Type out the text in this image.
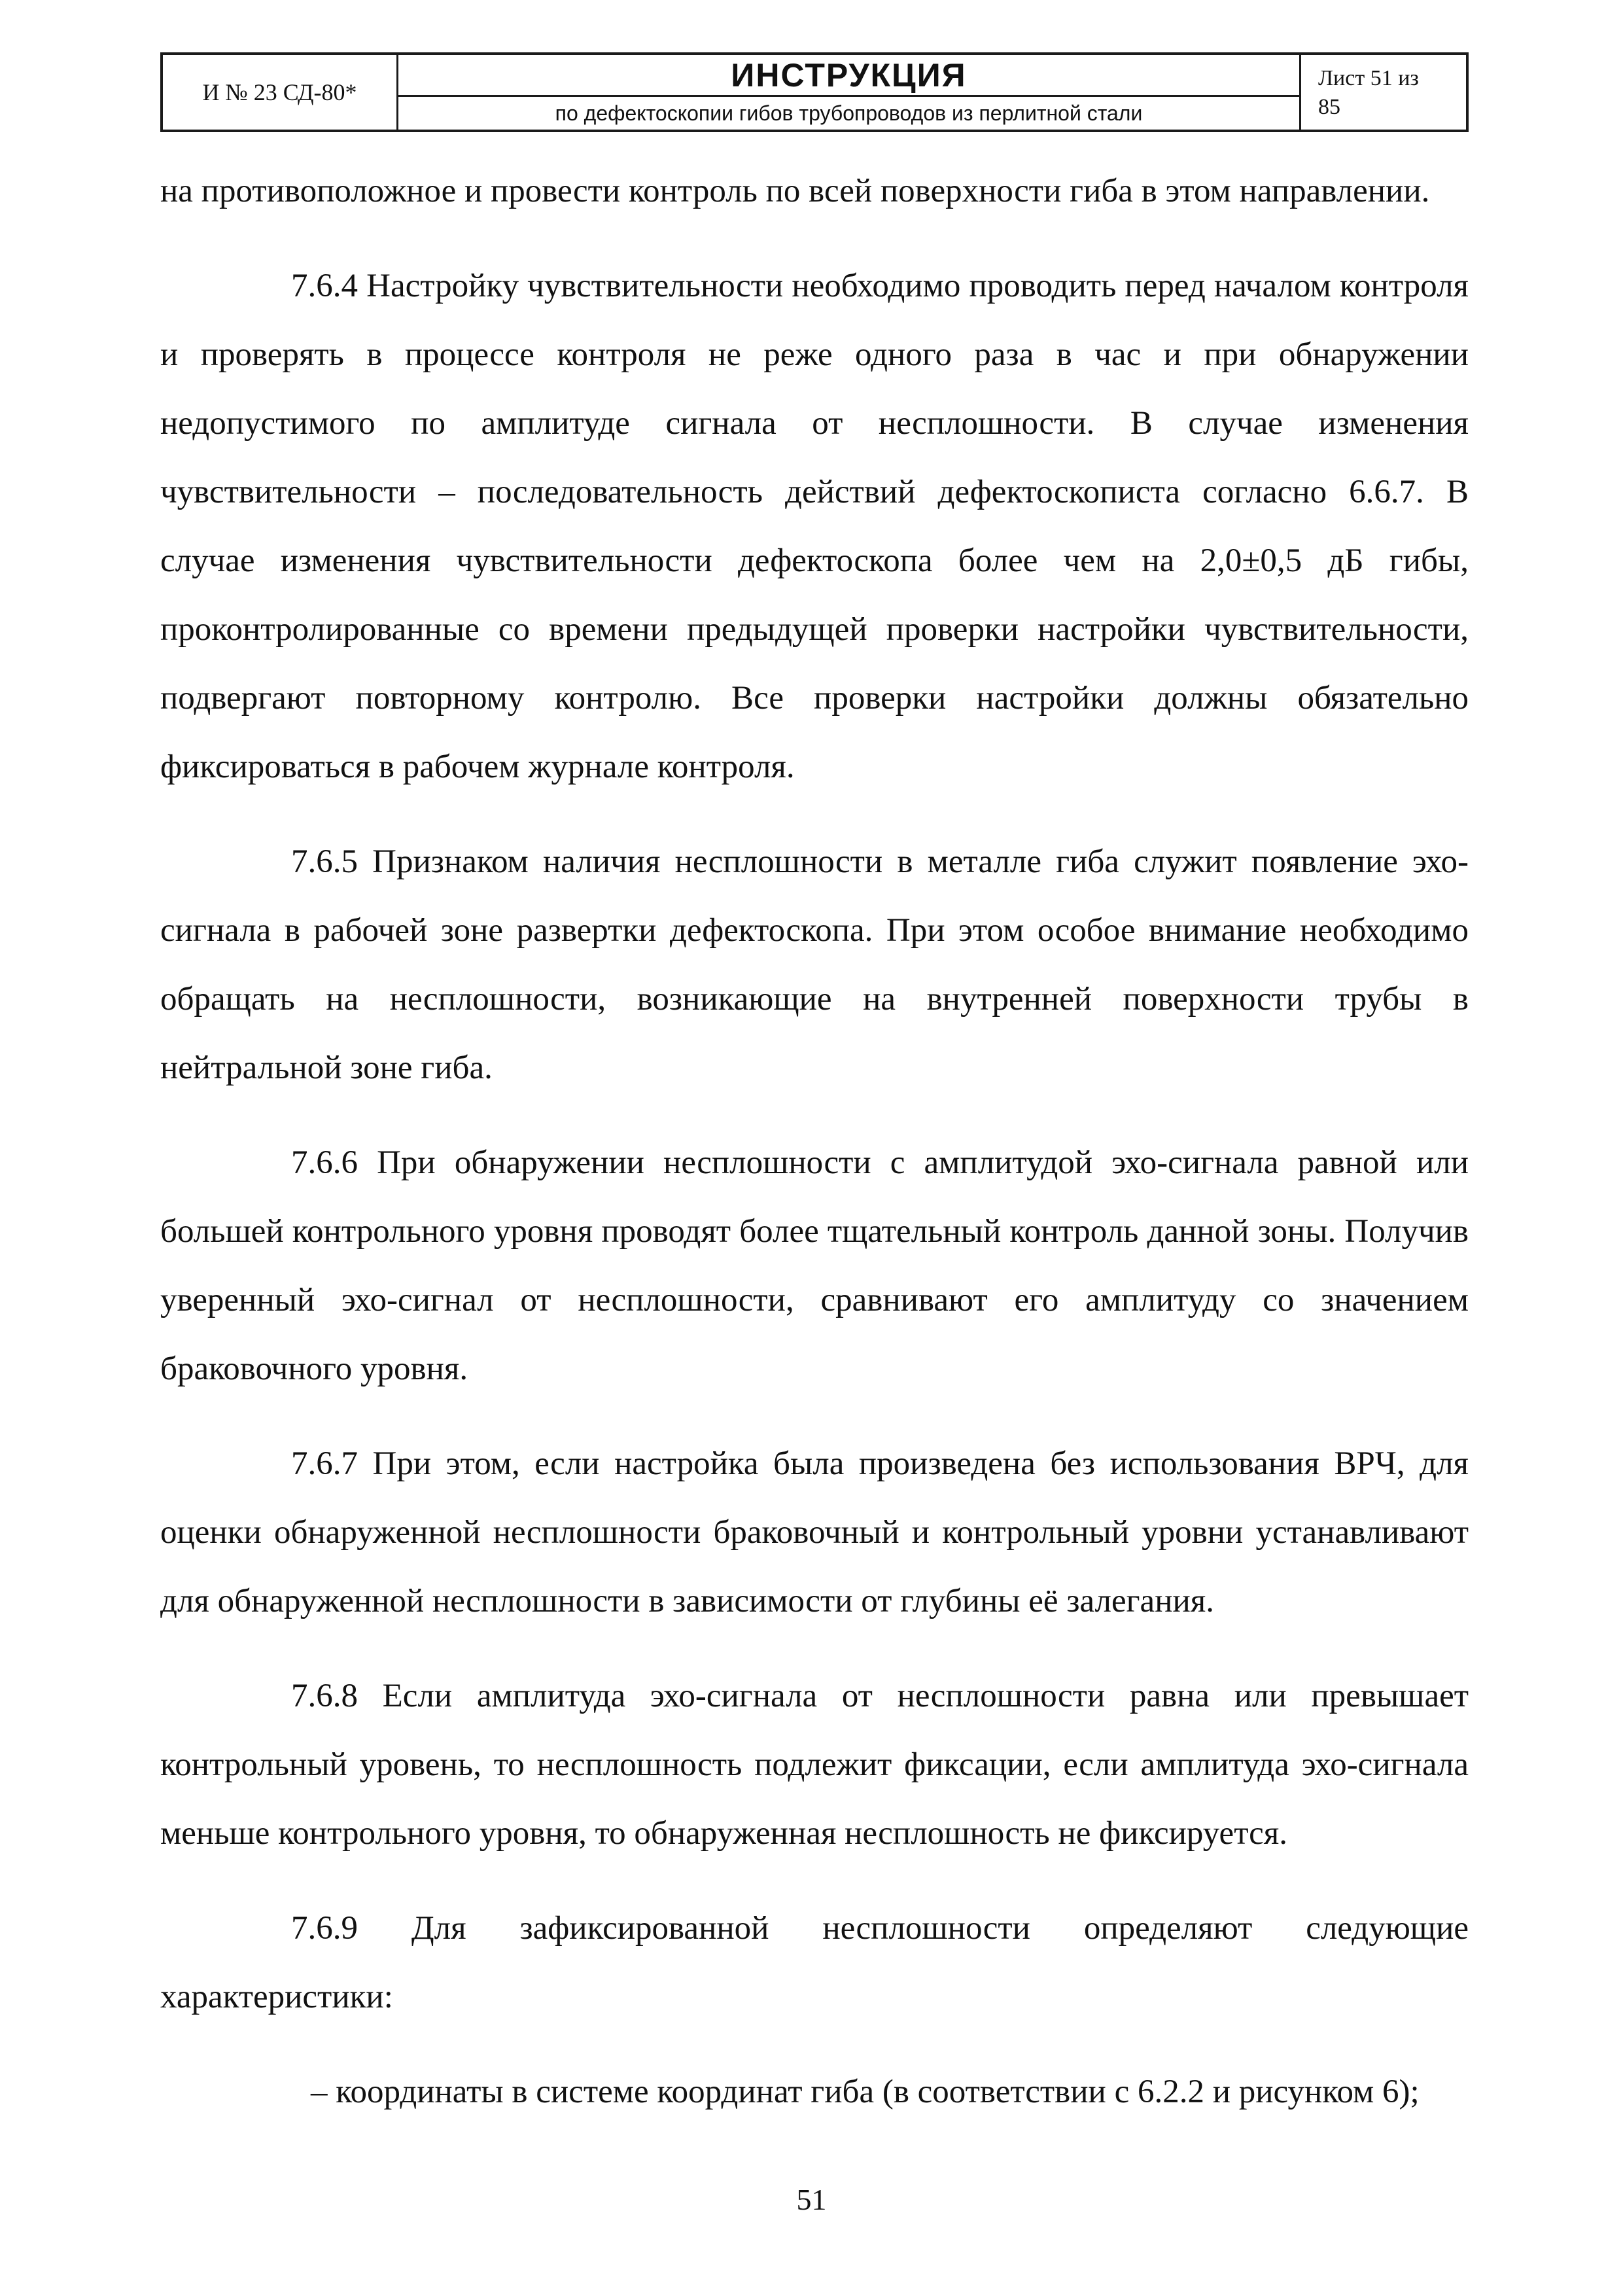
И № 23 СД-80*	ИНСТРУКЦИЯ
по дефектоскопии гибов трубопроводов из перлитной стали
Лист 51 из
85

на противоположное и провести контроль по всей поверхности гиба в этом направлении.

7.6.4 Настройку чувствительности необходимо проводить перед началом контроля и проверять в процессе контроля не реже одного раза в час и при обнаружении недопустимого по амплитуде сигнала от несплошности. В случае изменения чувствительности – последовательность действий дефектоскописта согласно 6.6.7. В случае изменения чувствительности дефектоскопа более чем на 2,0±0,5 дБ гибы, проконтролированные со времени предыдущей проверки настройки чувствительности, подвергают повторному контролю. Все проверки настройки должны обязательно фиксироваться в рабочем журнале контроля.

7.6.5 Признаком наличия несплошности в металле гиба служит появление эхо-сигнала в рабочей зоне развертки дефектоскопа. При этом особое внимание необходимо обращать на несплошности, возникающие на внутренней поверхности трубы в нейтральной зоне гиба.

7.6.6 При обнаружении несплошности с амплитудой эхо-сигнала равной или большей контрольного уровня проводят более тщательный контроль данной зоны. Получив уверенный эхо-сигнал от несплошности, сравнивают его амплитуду со значением браковочного уровня.

7.6.7 При этом, если настройка была произведена без использования ВРЧ, для оценки обнаруженной несплошности браковочный и контрольный уровни устанавливают для обнаруженной несплошности в зависимости от глубины её залегания.

7.6.8 Если амплитуда эхо-сигнала от несплошности равна или превышает контрольный уровень, то несплошность подлежит фиксации, если амплитуда эхо-сигнала меньше контрольного уровня, то обнаруженная несплошность не фиксируется.

7.6.9 Для зафиксированной несплошности определяют следующие характеристики:

– координаты в системе координат гиба (в соответствии с 6.2.2 и рисунком 6);

51
